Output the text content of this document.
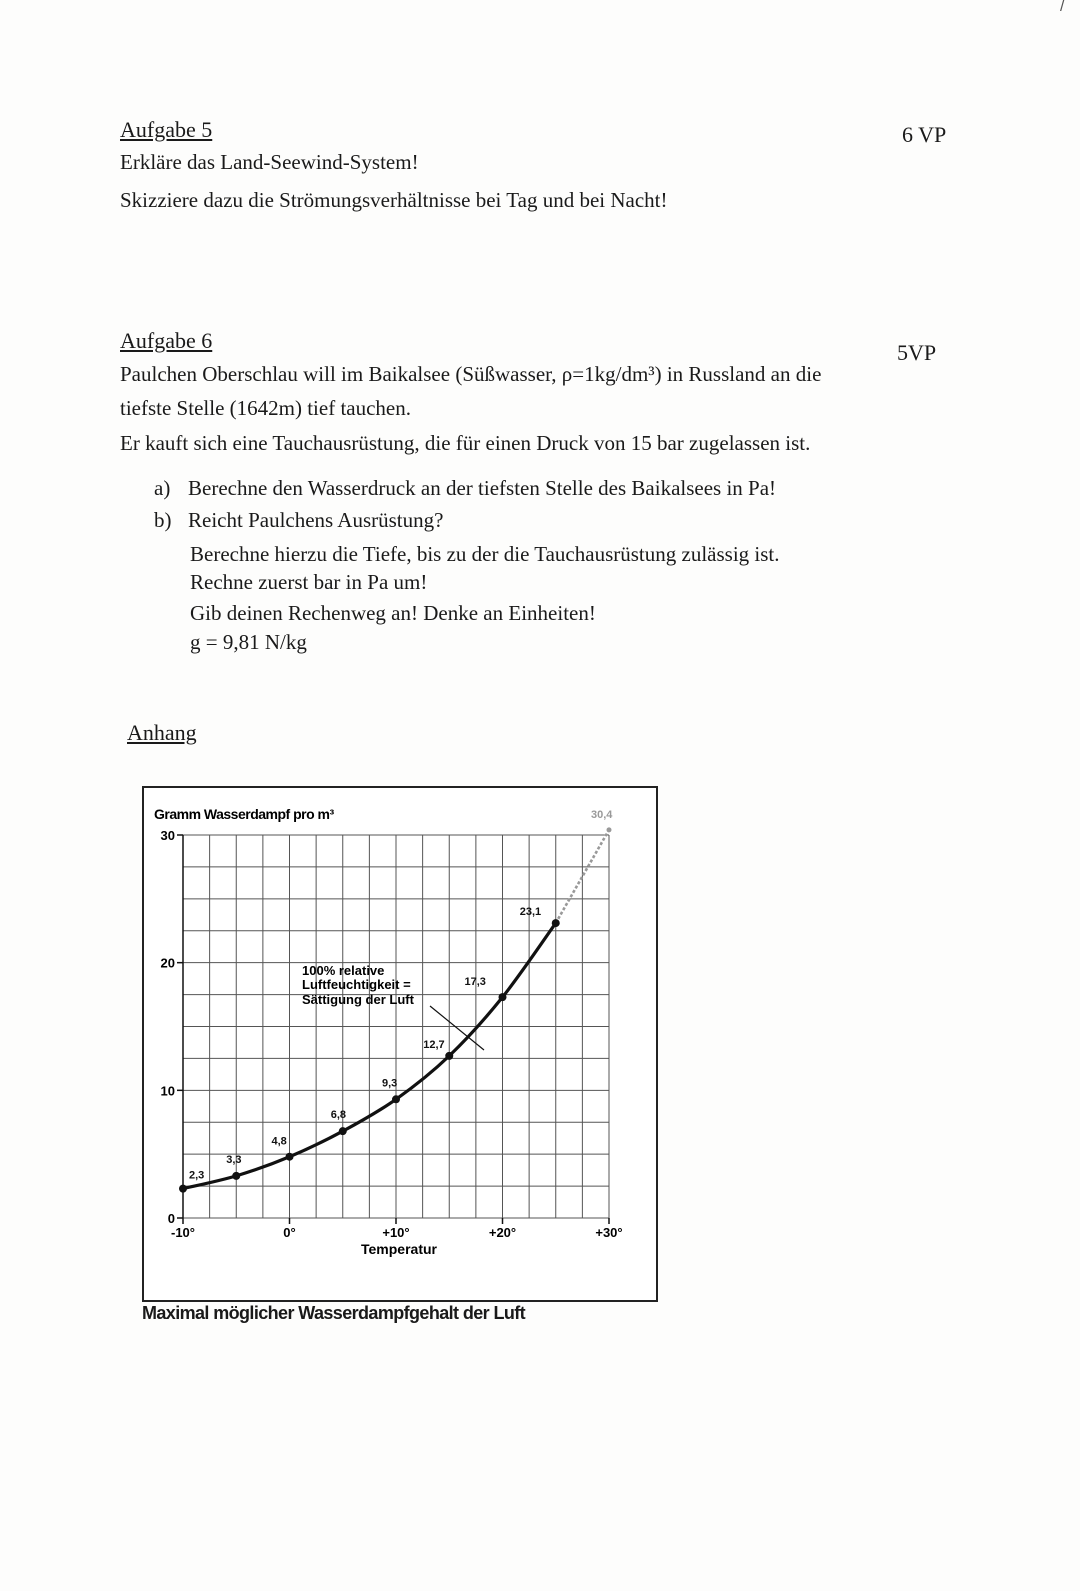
/
Aufgabe 5	6 VP
Erkläre das Land-Seewind-System!
Skizziere dazu die Strömungsverhältnisse bei Tag und bei Nacht!
Aufgabe 6	5VP
Paulchen Oberschlau will im Baikalsee (Süßwasser, ρ=1kg/dm³) in Russland an die
tiefste Stelle (1642m) tief tauchen.
Er kauft sich eine Tauchausrüstung, die für einen Druck von 15 bar zugelassen ist.
a) Berechne den Wasserdruck an der tiefsten Stelle des Baikalsees in Pa!
b) Reicht Paulchens Ausrüstung?
Berechne hierzu die Tiefe, bis zu der die Tauchausrüstung zulässig ist.
Rechne zuerst bar in Pa um!
Gib deinen Rechenweg an! Denke an Einheiten!
g = 9,81 N/kg
Anhang
0
10
20
30
-10°	0°	+10°	+20°	+30°
2,3
3,3
4,8
6,8
9,3
12,7
17,3
23,1
30,4
Gramm Wasserdampf pro m³
Temperatur
100% relative
Luftfeuchtigkeit =
Sättigung der Luft
Maximal möglicher Wasserdampfgehalt der Luft
